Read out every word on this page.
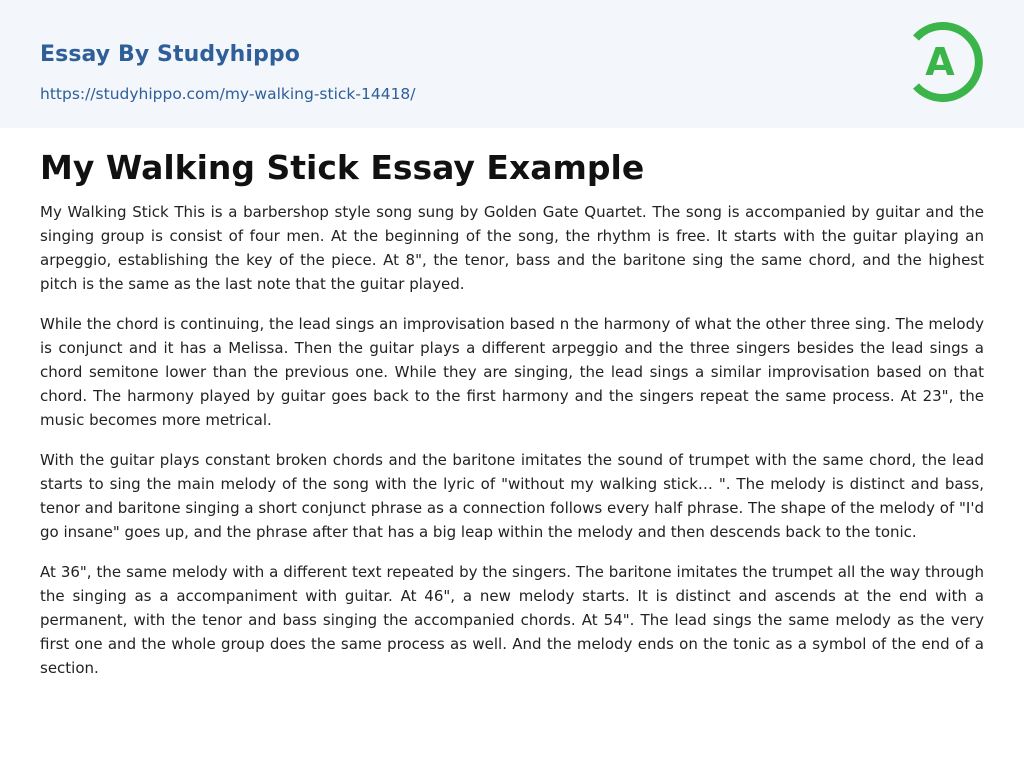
Essay By Studyhippo
https://studyhippo.com/my-walking-stick-14418/
A
My Walking Stick Essay Example

My Walking Stick This is a barbershop style song sung by Golden Gate Quartet. The song is accompanied by guitar and the singing group is consist of four men. At the beginning of the song, the rhythm is free. It starts with the guitar playing an arpeggio, establishing the key of the piece. At 8", the tenor, bass and the baritone sing the same chord, and the highest pitch is the same as the last note that the guitar played.

While the chord is continuing, the lead sings an improvisation based n the harmony of what the other three sing. The melody is conjunct and it has a Melissa. Then the guitar plays a different arpeggio and the three singers besides the lead sings a chord semitone lower than the previous one. While they are singing, the lead sings a similar improvisation based on that chord. The harmony played by guitar goes back to the first harmony and the singers repeat the same process. At 23", the music becomes more metrical.

With the guitar plays constant broken chords and the baritone imitates the sound of trumpet with the same chord, the lead starts to sing the main melody of the song with the lyric of "without my walking stick… ". The melody is distinct and bass, tenor and baritone singing a short conjunct phrase as a connection follows every half phrase. The shape of the melody of "I'd go insane" goes up, and the phrase after that has a big leap within the melody and then descends back to the tonic.

At 36", the same melody with a different text repeated by the singers. The baritone imitates the trumpet all the way through the singing as a accompaniment with guitar. At 46", a new melody starts. It is distinct and ascends at the end with a permanent, with the tenor and bass singing the accompanied chords. At 54". The lead sings the same melody as the very first one and the whole group does the same process as well. And the melody ends on the tonic as a symbol of the end of a section.
